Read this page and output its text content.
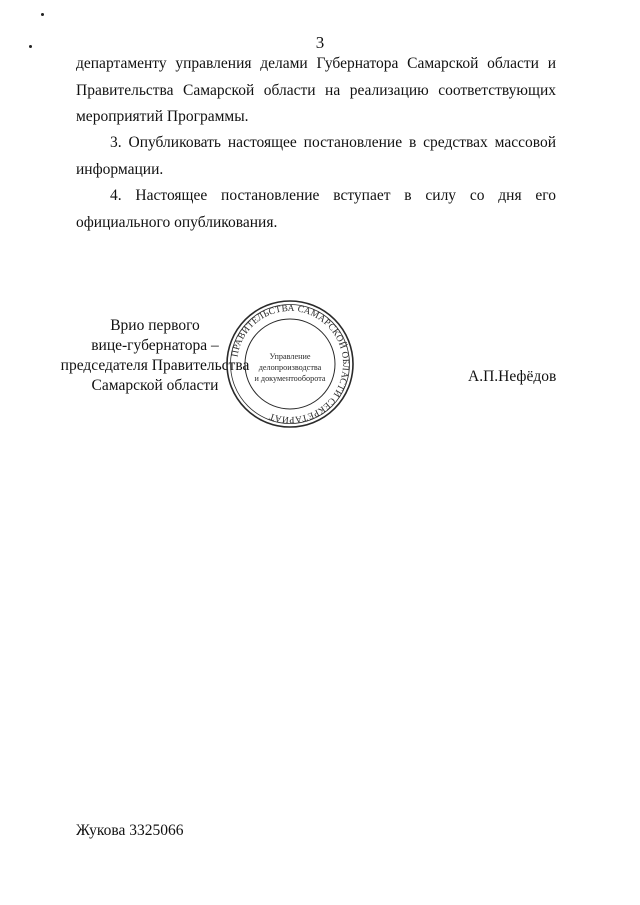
3

департаменту управления делами Губернатора Самарской области и
Правительства Самарской области на реализацию соответствующих
мероприятий Программы.

3. Опубликовать настоящее постановление в средствах массовой
информации.

4. Настоящее постановление вступает в силу со дня его
официального опубликования.

Врио первого
вице-губернатора –
председателя Правительства
Самарской области
ПРАВИТЕЛЬСТВА САМАРСКОЙ ОБЛАСТИ СЕКРЕТАРИАТ
Управление
делопроизводства
и документооборота	А.П.Нефёдов
Жукова 3325066
